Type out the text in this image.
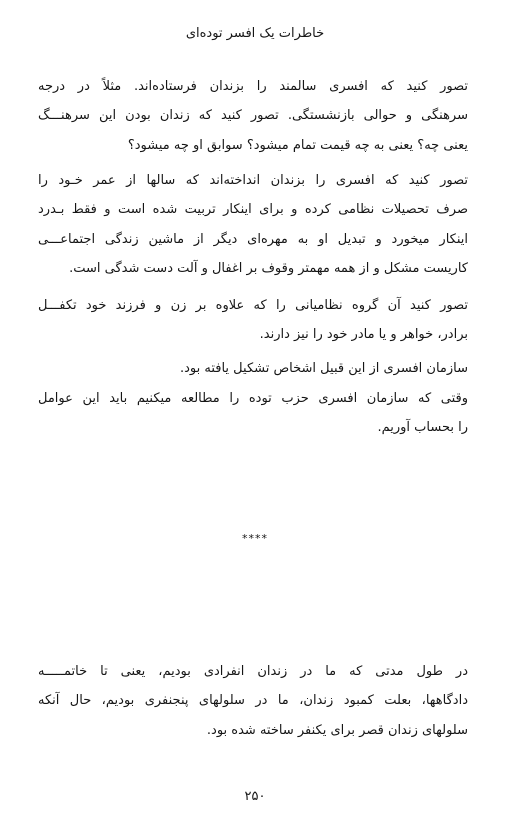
خاطرات یک افسر توده‌ای

تصور کنید که افسری سالمند را بزندان فرستاده‌اند. مثلاً در درجه
سرهنگی و حوالی بازنشستگی. تصور کنید که زندان بودن این سرهنـــگ
یعنی چه؟ یعنی به چه قیمت تمام میشود؟ سوابق او چه میشود؟

تصور کنید که افسری را بزندان انداخته‌اند که سالها از عمر خـود را
صرف تحصیلات نظامی کرده و برای اینکار تربیت شده است و فقط بـدرد
اینکار میخورد و تبدیل او به مهره‌ای دیگر از ماشین زندگی اجتماعـــی
کاریست مشکل و از همه مهمتر وقوف بر اغفال و آلت دست شدگی است.

تصور کنید آن گروه نظامیانی را که علاوه بر زن و فرزند خود تکفـــل
برادر، خواهر و یا مادر خود را نیز دارند.

سازمان افسری از این قبیل اشخاص تشکیل یافته بود.

وقتی که سازمان افسری حزب توده را مطالعه میکنیم باید این عوامل
را بحساب آوریم.

****

در طول مدتی که ما در زندان انفرادی بودیم، یعنی تا خاتمـــــه
دادگاهها، بعلت کمبود زندان، ما در سلولهای پنجنفری بودیم، حال آنکه
سلولهای زندان قصر برای یکنفر ساخته شده بود.

۲۵۰
